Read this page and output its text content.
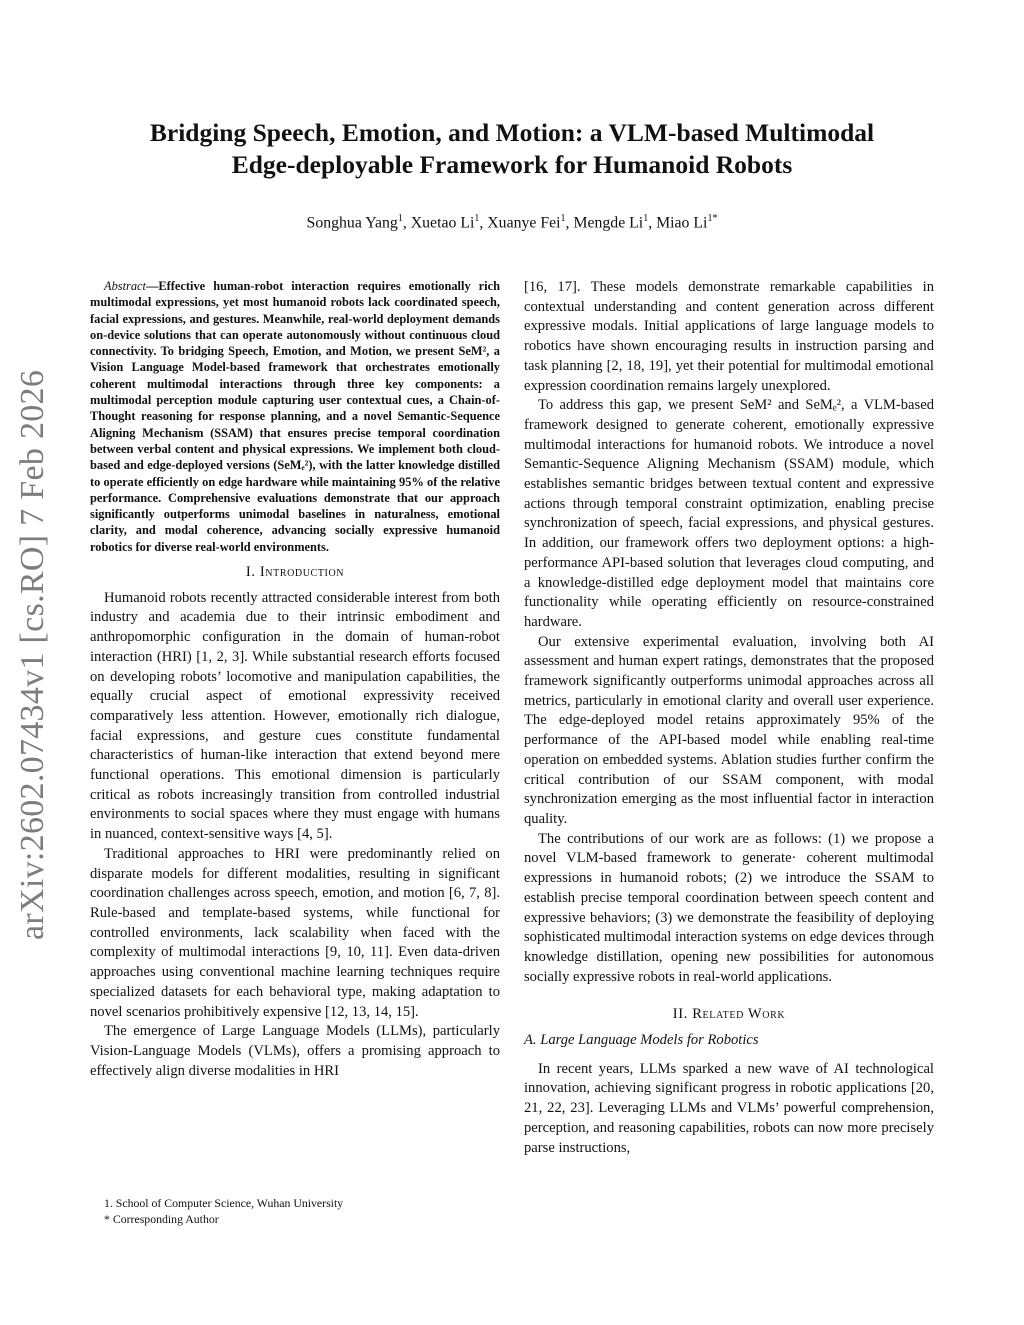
arXiv:2602.07434v1 [cs.RO] 7 Feb 2026
Bridging Speech, Emotion, and Motion: a VLM-based Multimodal
Edge-deployable Framework for Humanoid Robots
Songhua Yang$^1$, Xuetao Li$^1$, Xuanye Fei$^1$, Mengde Li$^1$, Miao $Li^{1*}$

Abstract—Effective human-robot interaction requires emotionally rich multimodal expressions, yet most humanoid robots lack coordinated speech, facial expressions, and gestures. Meanwhile, real-world deployment demands on-device solutions that can operate autonomously without continuous cloud connectivity. To bridging Speech, Emotion, and Motion, we present SeM², a Vision Language Model-based framework that orchestrates emotionally coherent multimodal interactions through three key components: a multimodal perception module capturing user contextual cues, a Chain-of-Thought reasoning for response planning, and a novel Semantic-Sequence Aligning Mechanism (SSAM) that ensures precise temporal coordination between verbal content and physical expressions. We implement both cloud-based and edge-deployed versions (SeMₑ²), with the latter knowledge distilled to operate efficiently on edge hardware while maintaining 95% of the relative performance. Comprehensive evaluations demonstrate that our approach significantly outperforms unimodal baselines in naturalness, emotional clarity, and modal coherence, advancing socially expressive humanoid robotics for diverse real-world environments.

I. Introduction

Humanoid robots recently attracted considerable interest from both industry and academia due to their intrinsic embodiment and anthropomorphic configuration in the domain of human-robot interaction (HRI) [1, 2, 3]. While substantial research efforts focused on developing robots’ locomotive and manipulation capabilities, the equally crucial aspect of emotional expressivity received comparatively less attention. However, emotionally rich dialogue, facial expressions, and gesture cues constitute fundamental characteristics of human-like interaction that extend beyond mere functional operations. This emotional dimension is particularly critical as robots increasingly transition from controlled industrial environments to social spaces where they must engage with humans in nuanced, context-sensitive ways [4, 5].

Traditional approaches to HRI were predominantly relied on disparate models for different modalities, resulting in significant coordination challenges across speech, emotion, and motion [6, 7, 8]. Rule-based and template-based systems, while functional for controlled environments, lack scalability when faced with the complexity of multimodal interactions [9, 10, 11]. Even data-driven approaches using conventional machine learning techniques require specialized datasets for each behavioral type, making adaptation to novel scenarios prohibitively expensive [12, 13, 14, 15].

The emergence of Large Language Models (LLMs), particularly Vision-Language Models (VLMs), offers a promising approach to effectively align diverse modalities in HRI

[16, 17]. These models demonstrate remarkable capabilities in contextual understanding and content generation across different expressive modals. Initial applications of large language models to robotics have shown encouraging results in instruction parsing and task planning [2, 18, 19], yet their potential for multimodal emotional expression coordination remains largely unexplored.

To address this gap, we present SeM² and SeMₑ², a VLM-based framework designed to generate coherent, emotionally expressive multimodal interactions for humanoid robots. We introduce a novel Semantic-Sequence Aligning Mechanism (SSAM) module, which establishes semantic bridges between textual content and expressive actions through temporal constraint optimization, enabling precise synchronization of speech, facial expressions, and physical gestures. In addition, our framework offers two deployment options: a high-performance API-based solution that leverages cloud computing, and a knowledge-distilled edge deployment model that maintains core functionality while operating efficiently on resource-constrained hardware.

Our extensive experimental evaluation, involving both AI assessment and human expert ratings, demonstrates that the proposed framework significantly outperforms unimodal approaches across all metrics, particularly in emotional clarity and overall user experience. The edge-deployed model retains approximately 95% of the performance of the API-based model while enabling real-time operation on embedded systems. Ablation studies further confirm the critical contribution of our SSAM component, with modal synchronization emerging as the most influential factor in interaction quality.

The contributions of our work are as follows: (1) we propose a novel VLM-based framework to generate· coherent multimodal expressions in humanoid robots; (2) we introduce the SSAM to establish precise temporal coordination between speech content and expressive behaviors; (3) we demonstrate the feasibility of deploying sophisticated multimodal interaction systems on edge devices through knowledge distillation, opening new possibilities for autonomous socially expressive robots in real-world applications.

II. Related Work
A. Large Language Models for Robotics

In recent years, LLMs sparked a new wave of AI technological innovation, achieving significant progress in robotic applications [20, 21, 22, 23]. Leveraging LLMs and VLMs’ powerful comprehension, perception, and reasoning capabilities, robots can now more precisely parse instructions,

1. School of Computer Science, Wuhan University
* Corresponding Author
